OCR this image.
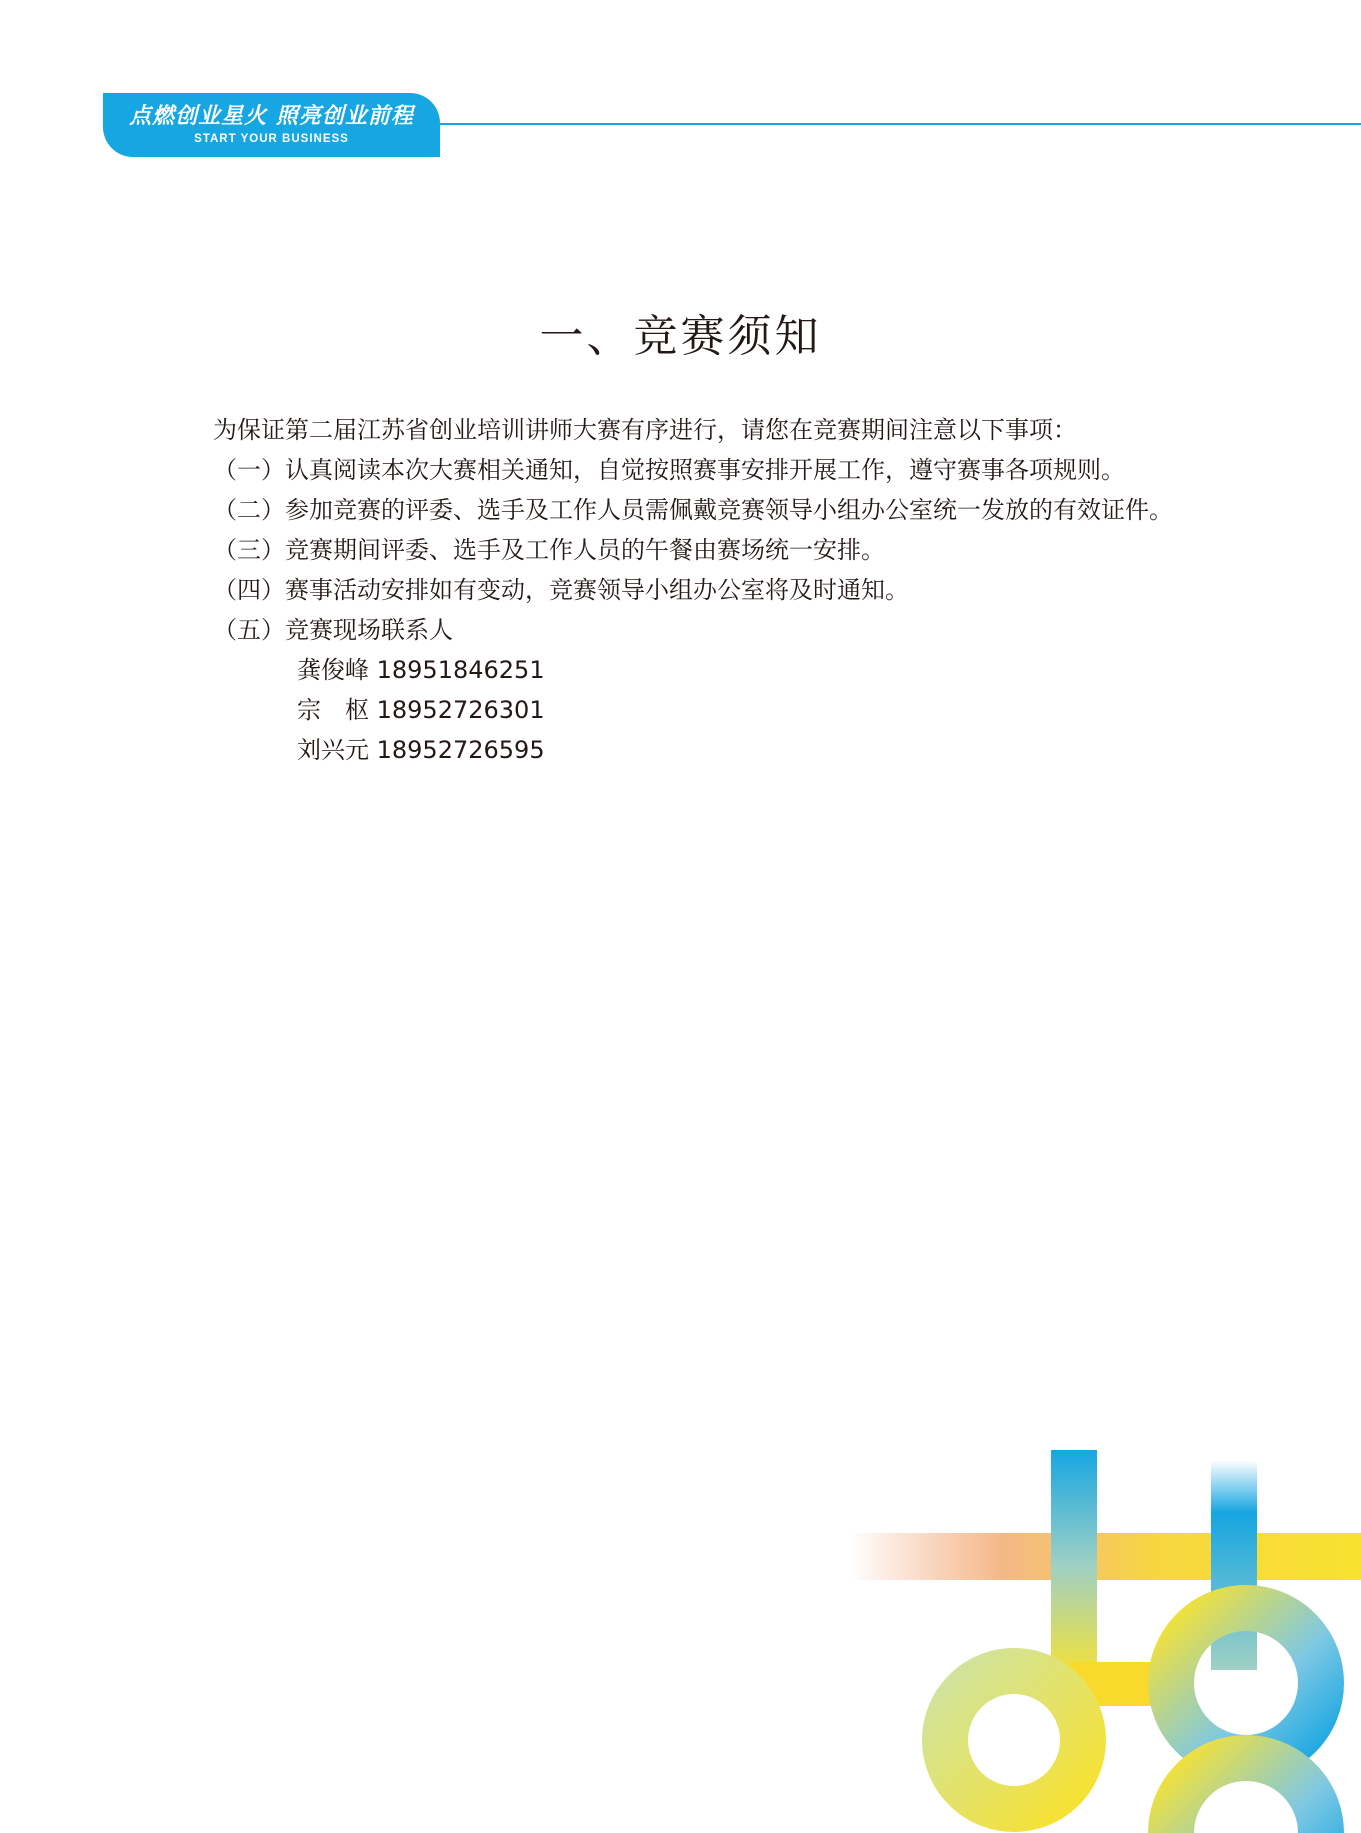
点燃创业星火 照亮创业前程
START YOUR BUSINESS
一、竞赛须知

为保证第二届江苏省创业培训讲师大赛有序进行，请您在竞赛期间注意以下事项：

（一）认真阅读本次大赛相关通知，自觉按照赛事安排开展工作，遵守赛事各项规则。

（二）参加竞赛的评委、选手及工作人员需佩戴竞赛领导小组办公室统一发放的有效证件。

（三）竞赛期间评委、选手及工作人员的午餐由赛场统一安排。

（四）赛事活动安排如有变动，竞赛领导小组办公室将及时通知。

（五）竞赛现场联系人

龚俊峰 18951846251

宗　枢 18952726301

刘兴元 18952726595
